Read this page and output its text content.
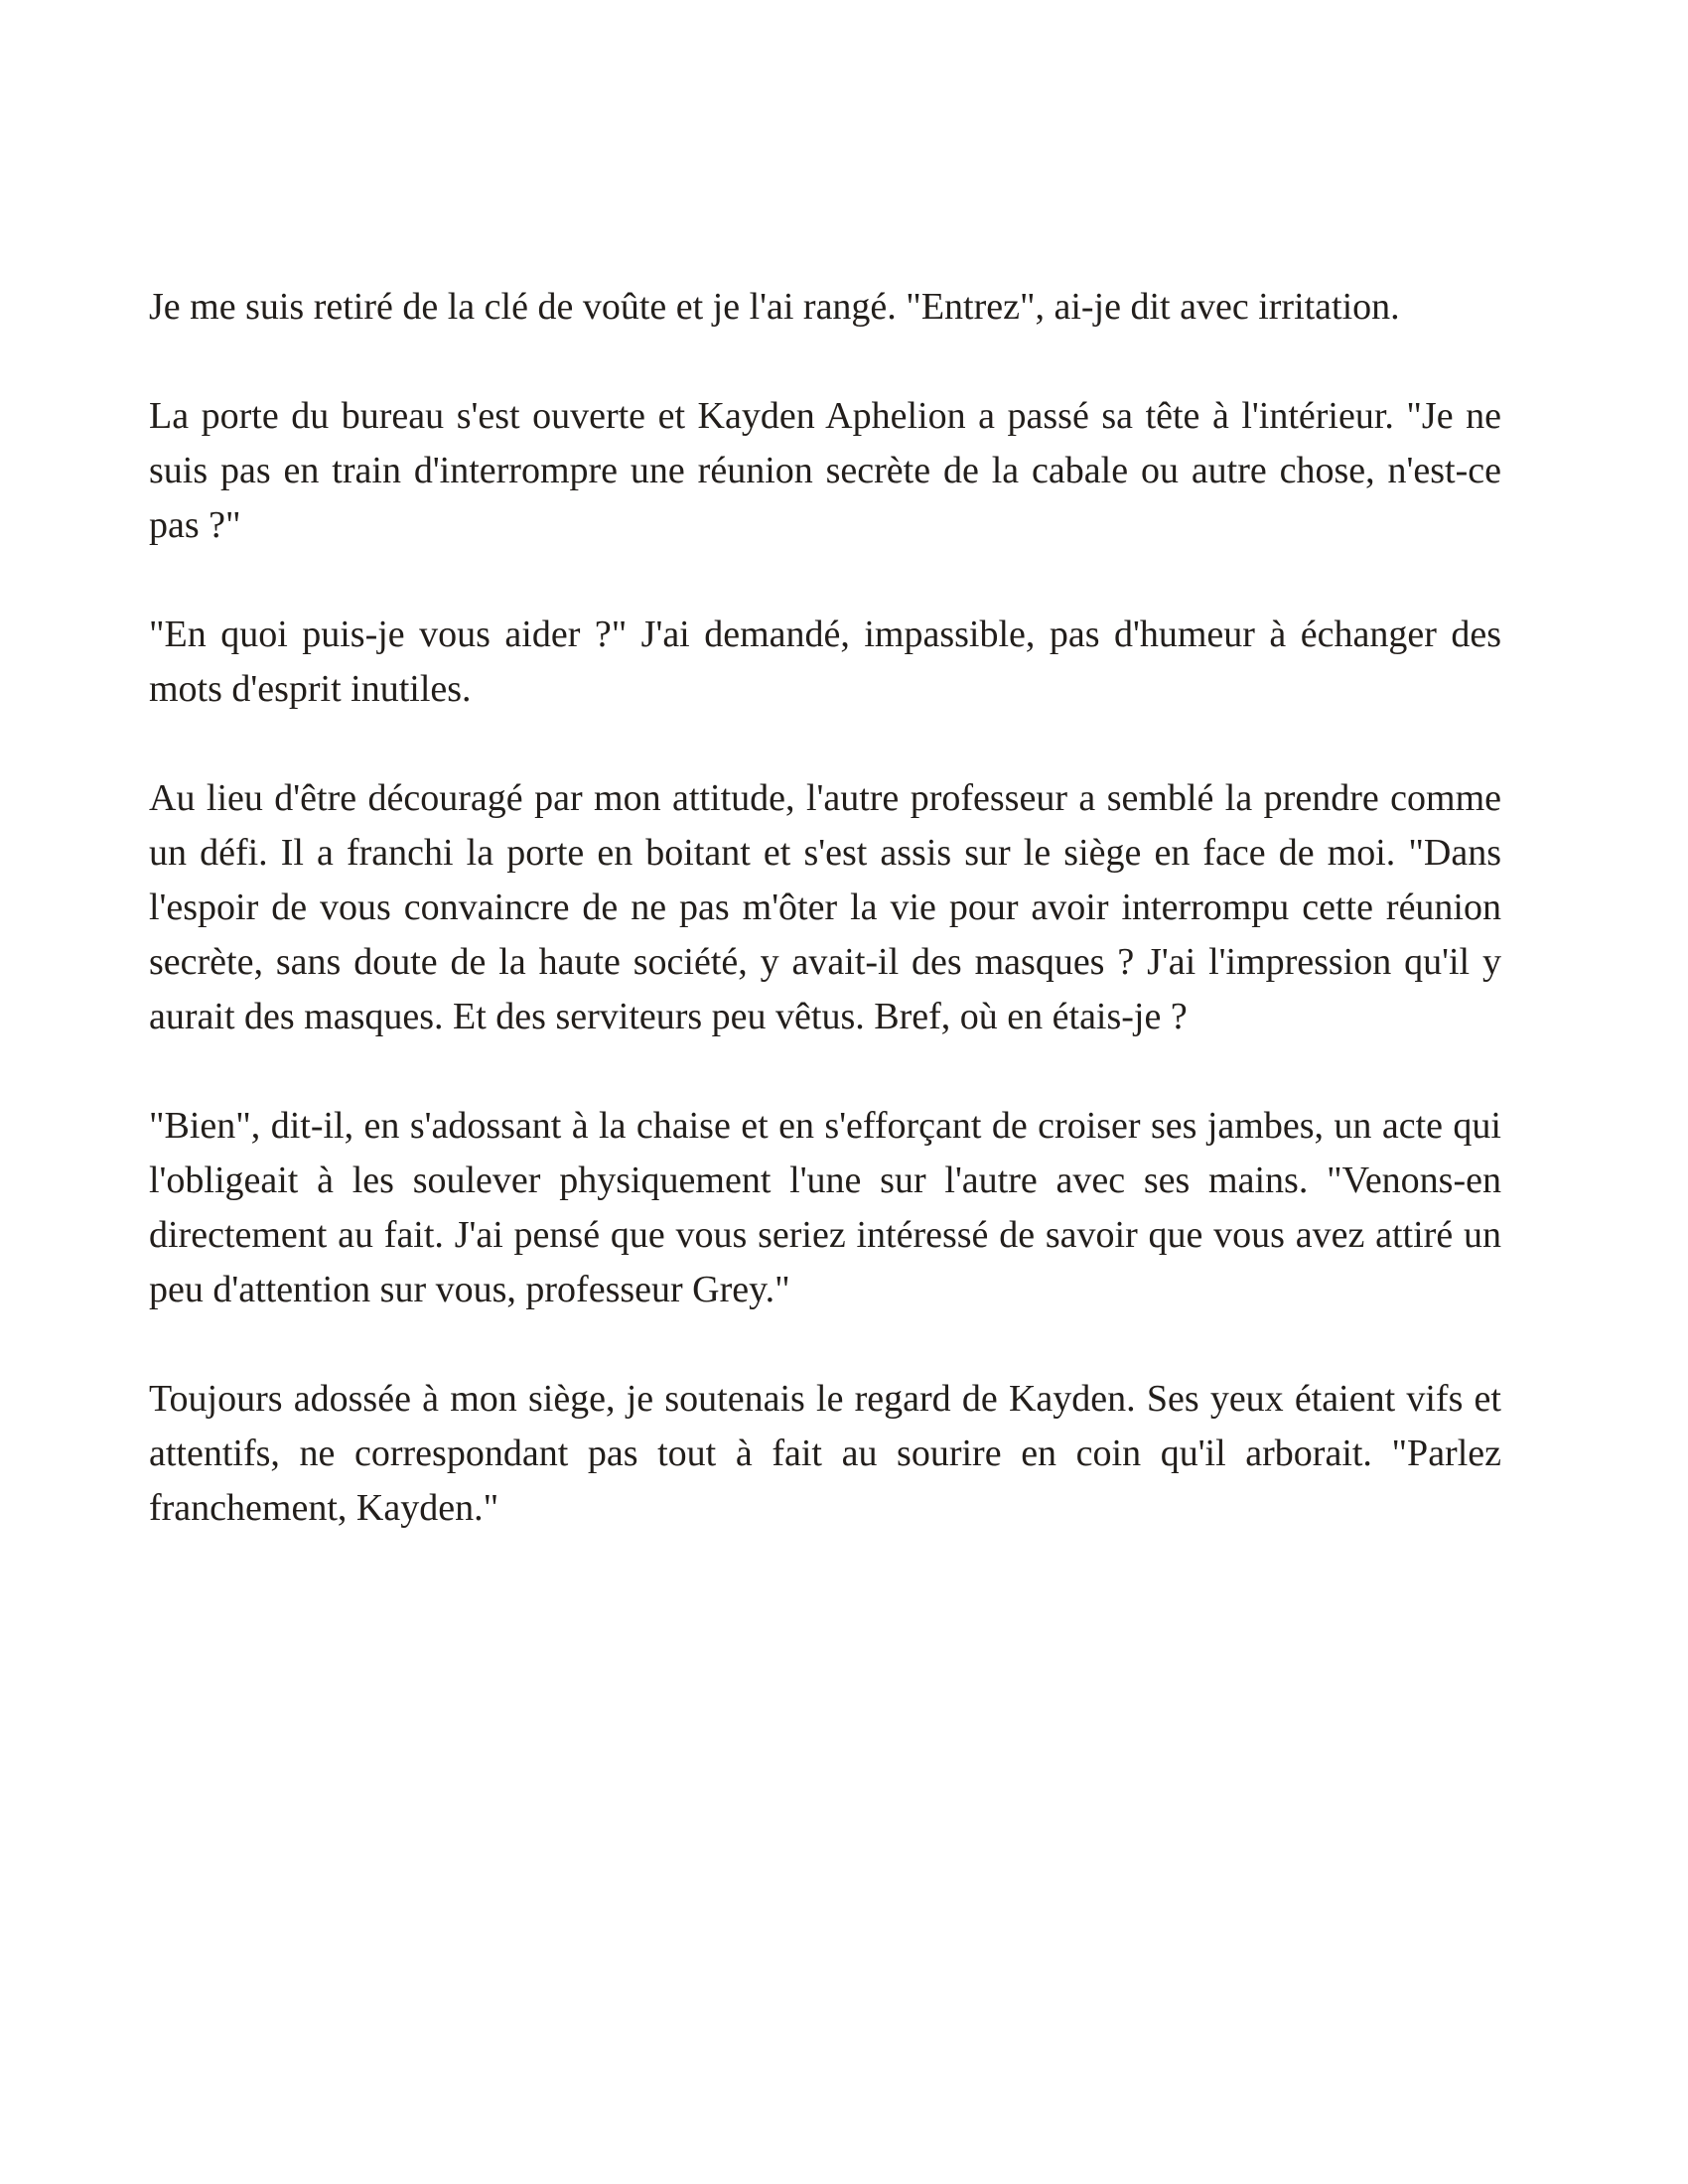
Je me suis retiré de la clé de voûte et je l'ai rangé. "Entrez", ai-je dit avec irritation.

La porte du bureau s'est ouverte et Kayden Aphelion a passé sa tête à l'intérieur. "Je ne suis pas en train d'interrompre une réunion secrète de la cabale ou autre chose, n'est-ce pas ?"

"En quoi puis-je vous aider ?" J'ai demandé, impassible, pas d'humeur à échanger des mots d'esprit inutiles.

Au lieu d'être découragé par mon attitude, l'autre professeur a semblé la prendre comme un défi. Il a franchi la porte en boitant et s'est assis sur le siège en face de moi. "Dans l'espoir de vous convaincre de ne pas m'ôter la vie pour avoir interrompu cette réunion secrète, sans doute de la haute société, y avait-il des masques ? J'ai l'impression qu'il y aurait des masques. Et des serviteurs peu vêtus. Bref, où en étais-je ?

"Bien", dit-il, en s'adossant à la chaise et en s'efforçant de croiser ses jambes, un acte qui l'obligeait à les soulever physiquement l'une sur l'autre avec ses mains. "Venons-en directement au fait. J'ai pensé que vous seriez intéressé de savoir que vous avez attiré un peu d'attention sur vous, professeur Grey."

Toujours adossée à mon siège, je soutenais le regard de Kayden. Ses yeux étaient vifs et attentifs, ne correspondant pas tout à fait au sourire en coin qu'il arborait. "Parlez franchement, Kayden."
